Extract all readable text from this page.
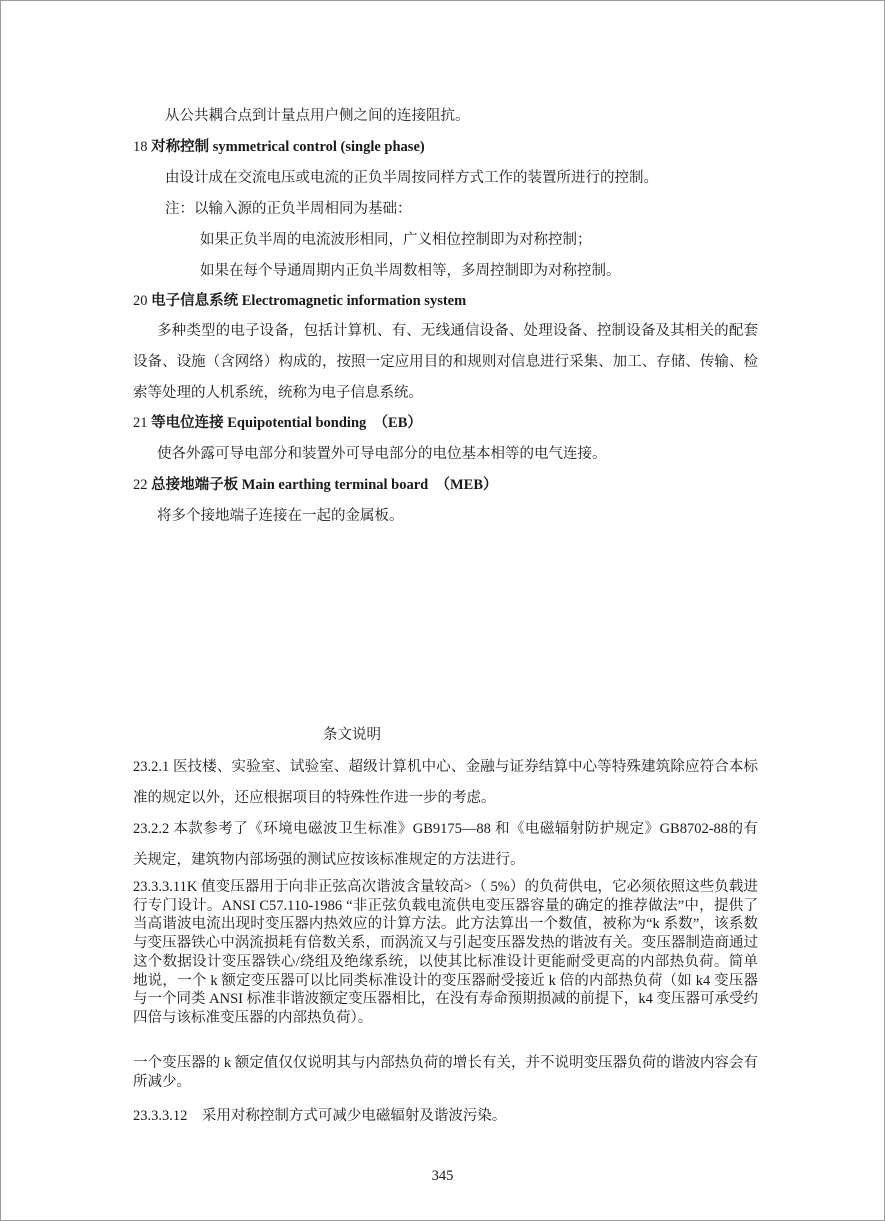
从公共耦合点到计量点用户侧之间的连接阻抗。
18 对称控制 symmetrical control (single phase)
由设计成在交流电压或电流的正负半周按同样方式工作的装置所进行的控制。
注：以输入源的正负半周相同为基础：
如果正负半周的电流波形相同，广义相位控制即为对称控制；
如果在每个导通周期内正负半周数相等，多周控制即为对称控制。
20 电子信息系统 Electromagnetic information system
多种类型的电子设备，包括计算机、有、无线通信设备、处理设备、控制设备及其相关的配套设备、设施（含网络）构成的，按照一定应用目的和规则对信息进行采集、加工、存储、传输、检索等处理的人机系统，统称为电子信息系统。
21 等电位连接 Equipotential bonding　（EB）
使各外露可导电部分和装置外可导电部分的电位基本相等的电气连接。
22 总接地端子板 Main earthing terminal board　（MEB）
将多个接地端子连接在一起的金属板。
条文说明
23.2.1 医技楼、实验室、试验室、超级计算机中心、金融与证券结算中心等特殊建筑除应符合本标准的规定以外，还应根据项目的特殊性作进一步的考虑。
23.2.2 本款参考了《环境电磁波卫生标准》GB9175—88 和《电磁辐射防护规定》GB8702-88的有关规定，建筑物内部场强的测试应按该标准规定的方法进行。
23.3.3.11K 值变压器用于向非正弦高次谐波含量较高>（ 5%）的负荷供电，它必须依照这些负载进行专门设计。ANSI C57.110-1986 “非正弦负载电流供电变压器容量的确定的推荐做法”中，提供了当高谐波电流出现时变压器内热效应的计算方法。此方法算出一个数值，被称为“k 系数”，该系数与变压器铁心中涡流损耗有倍数关系，而涡流又与引起变压器发热的谐波有关。变压器制造商通过这个数据设计变压器铁心/绕组及绝缘系统，以使其比标准设计更能耐受更高的内部热负荷。简单地说，一个 k 额定变压器可以比同类标准设计的变压器耐受接近 k 倍的内部热负荷（如 k4 变压器与一个同类 ANSI 标准非谐波额定变压器相比，在没有寿命预期损减的前提下，k4 变压器可承受约四倍与该标准变压器的内部热负荷）。
一个变压器的 k 额定值仅仅说明其与内部热负荷的增长有关，并不说明变压器负荷的谐波内容会有所减少。
23.3.3.12　采用对称控制方式可减少电磁辐射及谐波污染。
345
